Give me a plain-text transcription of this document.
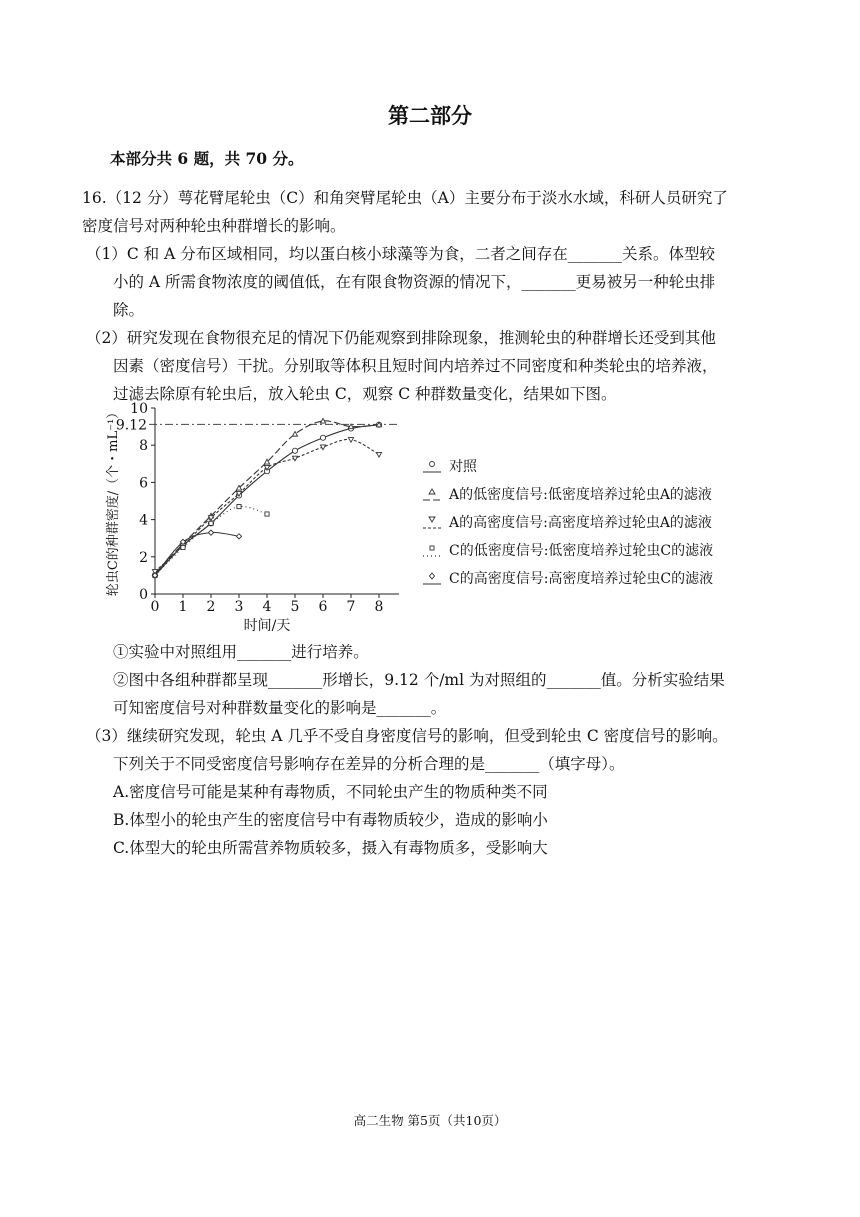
第二部分
本部分共 6 题，共 70 分。
16.（12 分）萼花臂尾轮虫（C）和角突臂尾轮虫（A）主要分布于淡水水域，科研人员研究了
密度信号对两种轮虫种群增长的影响。
（1）C 和 A 分布区域相同，均以蛋白核小球藻等为食，二者之间存在_______关系。体型较
小的 A 所需食物浓度的阈值低，在有限食物资源的情况下，_______更易被另一种轮虫排
除。
（2）研究发现在食物很充足的情况下仍能观察到排除现象，推测轮虫的种群增长还受到其他
因素（密度信号）干扰。分别取等体积且短时间内培养过不同密度和种类轮虫的培养液，
过滤去除原有轮虫后，放入轮虫 C，观察 C 种群数量变化，结果如下图。
0 1 2 3 4 5 6 7 8
0
2
4
6
8
10
9.12
时间/天
轮虫C的种群密度/（个・mL⁻¹）	对照
A的低密度信号:低密度培养过轮虫A的滤液
A的高密度信号:高密度培养过轮虫A的滤液
C的低密度信号:低密度培养过轮虫C的滤液
C的高密度信号:高密度培养过轮虫C的滤液
①实验中对照组用_______进行培养。
②图中各组种群都呈现_______形增长，9.12 个/ml 为对照组的_______值。分析实验结果
可知密度信号对种群数量变化的影响是_______。
（3）继续研究发现，轮虫 A 几乎不受自身密度信号的影响，但受到轮虫 C 密度信号的影响。
下列关于不同受密度信号影响存在差异的分析合理的是_______（填字母）。
A.密度信号可能是某种有毒物质，不同轮虫产生的物质种类不同
B.体型小的轮虫产生的密度信号中有毒物质较少，造成的影响小
C.体型大的轮虫所需营养物质较多，摄入有毒物质多，受影响大
高二生物 第5页（共10页）
